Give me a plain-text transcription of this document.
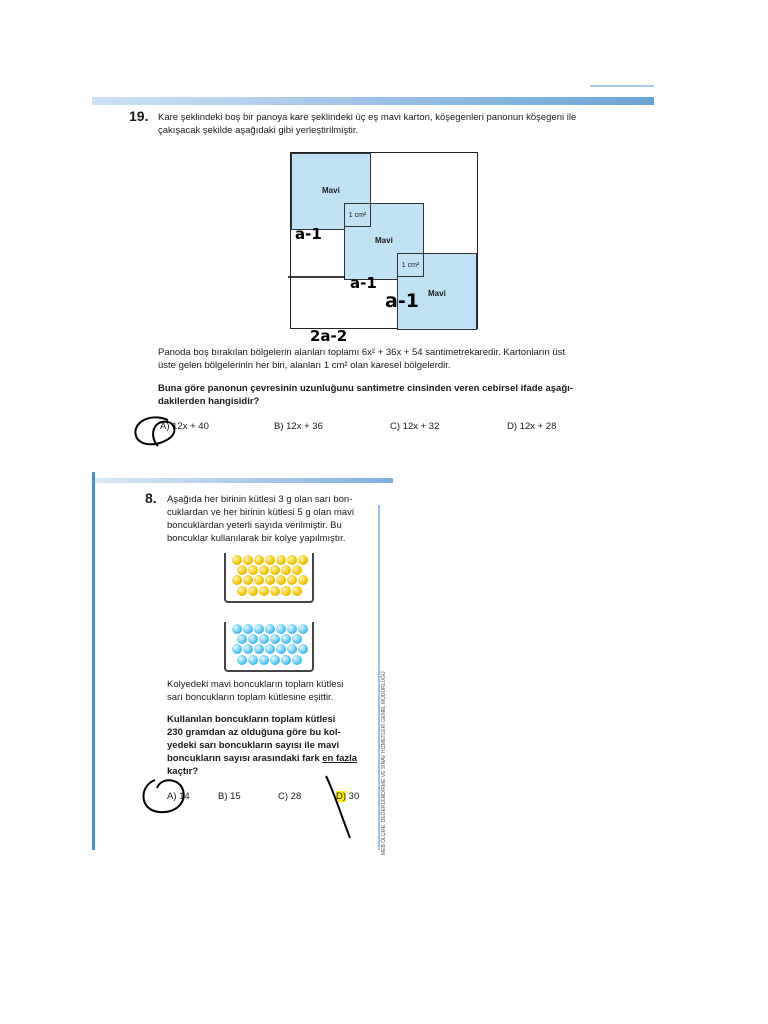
19. Kare şeklindeki boş bir panoya kare şeklindeki üç eş mavi karton, köşegenleri panonun köşegeni ile
çakışacak şekilde aşağıdaki gibi yerleştirilmiştir.
Mavi
Mavi
Mavi
1 cm²
1 cm²
a-1
a-1
a-1
2a-2
Panoda boş bırakılan bölgelerin alanları toplamı 6x² + 36x + 54 santimetrekaredir. Kartonların üst
üste gelen bölgelerinin her biri, alanları 1 cm² olan karesel bölgelerdir.
Buna göre panonun çevresinin uzunluğunu santimetre cinsinden veren cebirsel ifade aşağı-
dakilerden hangisidir?
A) 12x + 40	B) 12x + 36	C) 12x + 32	D) 12x + 28
MEB ÖLÇME, DEĞERLENDİRME VE SINAV HİZMETLERİ GENEL MÜDÜRLÜĞÜ
8. Aşağıda her birinin kütlesi 3 g olan sarı bon-
cuklardan ve her birinin kütlesi 5 g olan mavi
boncuklardan yeterli sayıda verilmiştir. Bu
boncuklar kullanılarak bir kolye yapılmıştır.
Kolyedeki mavi boncukların toplam kütlesi
sarı boncukların toplam kütlesine eşittir.
Kullanılan boncukların toplam kütlesi
230 gramdan az olduğuna göre bu kol-
yedeki sarı boncukların sayısı ile mavi
boncukların sayısı arasındaki fark en fazla
kaçtır?
A) 14	B) 15	C) 28	D) 30
